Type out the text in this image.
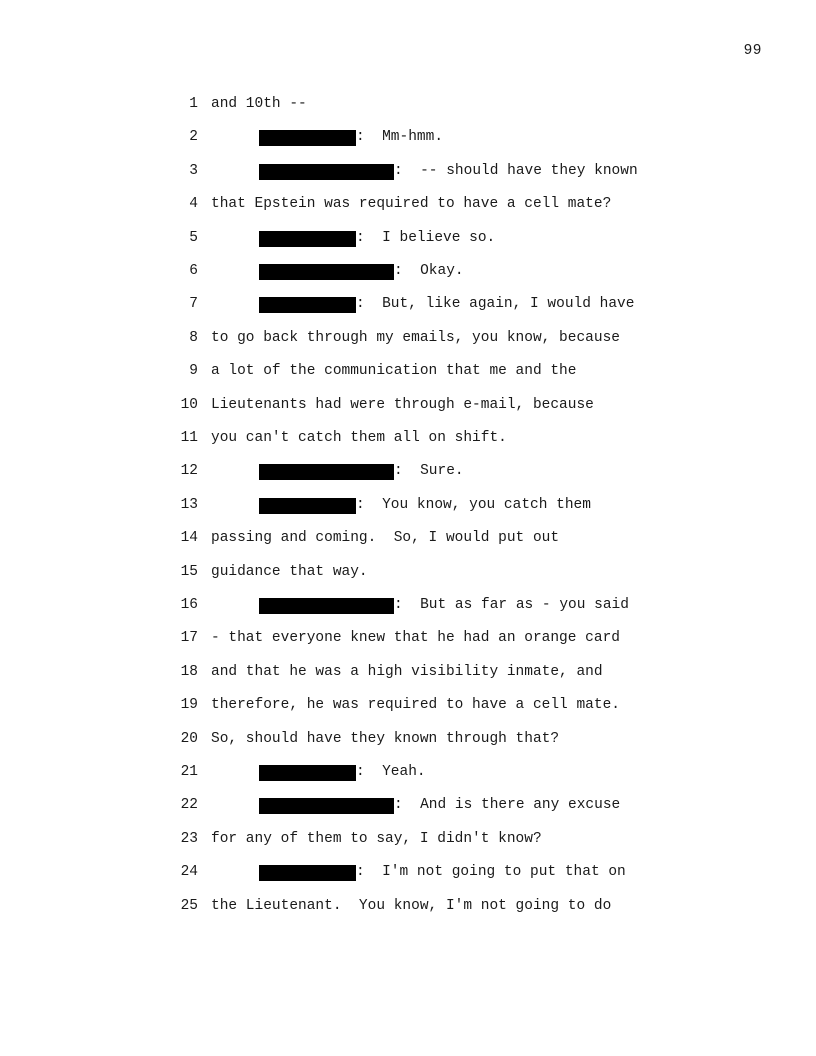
99
1 and 10th --
2	:  Mm-hmm.
3	:  -- should have they known
4 that Epstein was required to have a cell mate?
5	:  I believe so.
6	:  Okay.
7	:  But, like again, I would have
8 to go back through my emails, you know, because
9 a lot of the communication that me and the
10 Lieutenants had were through e-mail, because
11 you can't catch them all on shift.
12	:  Sure.
13	:  You know, you catch them
14 passing and coming.  So, I would put out
15 guidance that way.
16	:  But as far as - you said
17 - that everyone knew that he had an orange card
18 and that he was a high visibility inmate, and
19 therefore, he was required to have a cell mate.
20 So, should have they known through that?
21	:  Yeah.
22	:  And is there any excuse
23 for any of them to say, I didn't know?
24	:  I'm not going to put that on
25 the Lieutenant.  You know, I'm not going to do
